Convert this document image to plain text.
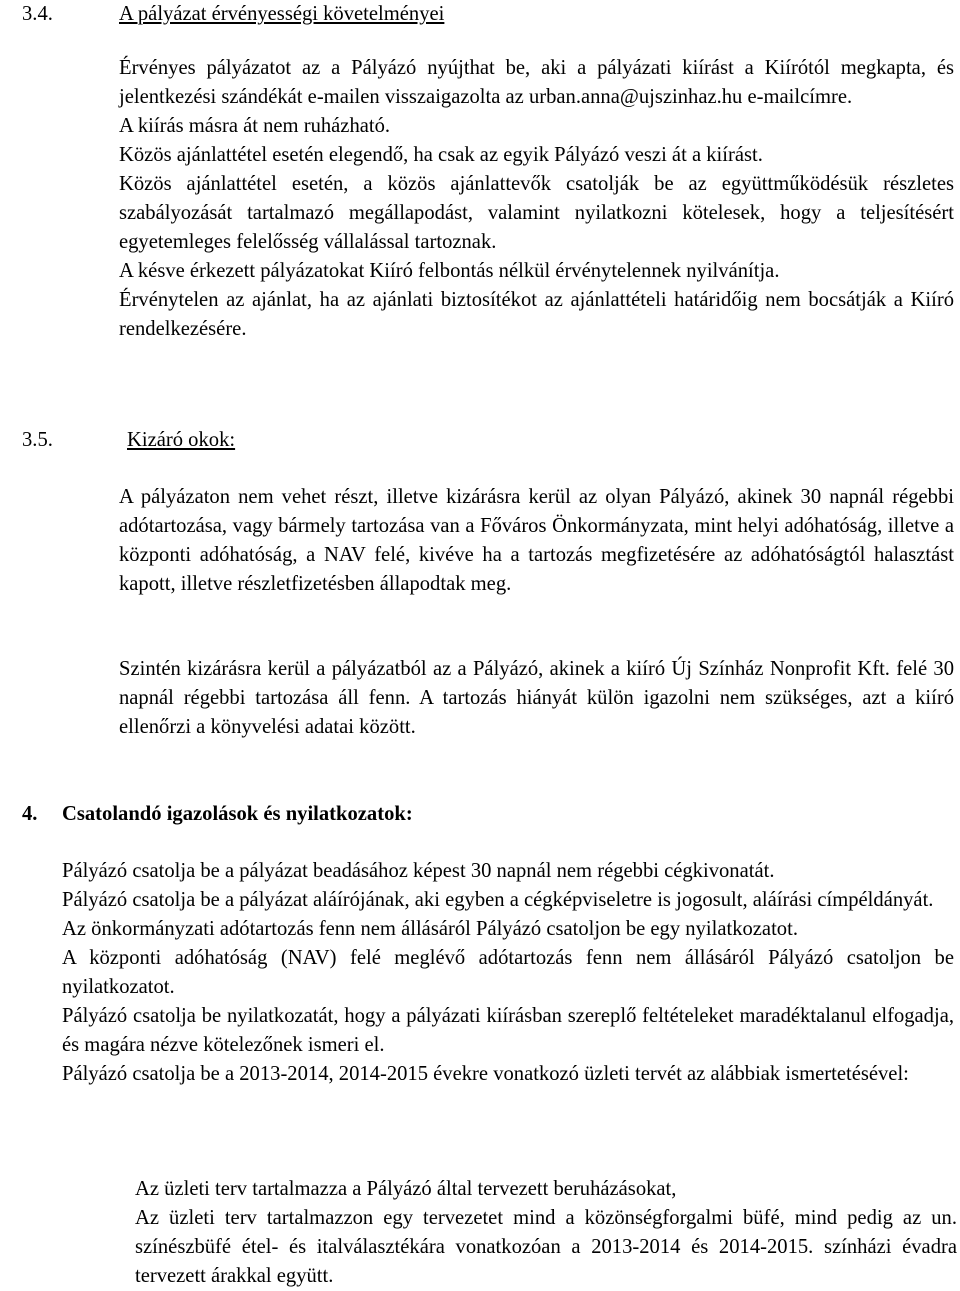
3.4.	A pályázat érvényességi követelményei

Érvényes pályázatot az a Pályázó nyújthat be, aki a pályázati kiírást a Kiírótól megkapta, és jelentkezési szándékát e-mailen visszaigazolta az urban.anna@ujszinhaz.hu e-mailcímre.

A kiírás másra át nem ruházható.

Közös ajánlattétel esetén elegendő, ha csak az egyik Pályázó veszi át a kiírást.

Közös ajánlattétel esetén, a közös ajánlattevők csatolják be az együttműködésük részletes szabályozását tartalmazó megállapodást, valamint nyilatkozni kötelesek, hogy a teljesítésért egyetemleges felelősség vállalással tartoznak.

A késve érkezett pályázatokat Kiíró felbontás nélkül érvénytelennek nyilvánítja.

Érvénytelen az ajánlat, ha az ajánlati biztosítékot az ajánlattételi határidőig nem bocsátják a Kiíró rendelkezésére.

3.5.	Kizáró okok:

A pályázaton nem vehet részt, illetve kizárásra kerül az olyan Pályázó, akinek 30 napnál régebbi adótartozása, vagy bármely tartozása van a Főváros Önkormányzata, mint helyi adóhatóság, illetve a központi adóhatóság, a NAV felé, kivéve ha a tartozás megfizetésére az adóhatóságtól halasztást kapott, illetve részletfizetésben állapodtak meg.

Szintén kizárásra kerül a pályázatból az a Pályázó, akinek a kiíró Új Színház Nonprofit Kft. felé 30 napnál régebbi tartozása áll fenn. A tartozás hiányát külön igazolni nem szükséges, azt a kiíró ellenőrzi a könyvelési adatai között.

4. Csatolandó igazolások és nyilatkozatok:

Pályázó csatolja be a pályázat beadásához képest 30 napnál nem régebbi cégkivonatát.

Pályázó csatolja be a pályázat aláírójának, aki egyben a cégképviseletre is jogosult, aláírási címpéldányát.

Az önkormányzati adótartozás fenn nem állásáról Pályázó csatoljon be egy nyilatkozatot.

A központi adóhatóság (NAV) felé meglévő adótartozás fenn nem állásáról Pályázó csatoljon be nyilatkozatot.

Pályázó csatolja be nyilatkozatát, hogy a pályázati kiírásban szereplő feltételeket maradéktalanul elfogadja, és magára nézve kötelezőnek ismeri el.

Pályázó csatolja be a 2013-2014, 2014-2015 évekre vonatkozó üzleti tervét az alábbiak ismertetésével:

Az üzleti terv tartalmazza a Pályázó által tervezett beruházásokat,

Az üzleti terv tartalmazzon egy tervezetet mind a közönségforgalmi büfé, mind pedig az un. színészbüfé étel- és italválasztékára vonatkozóan a 2013-2014 és 2014-2015. színházi évadra tervezett árakkal együtt.
